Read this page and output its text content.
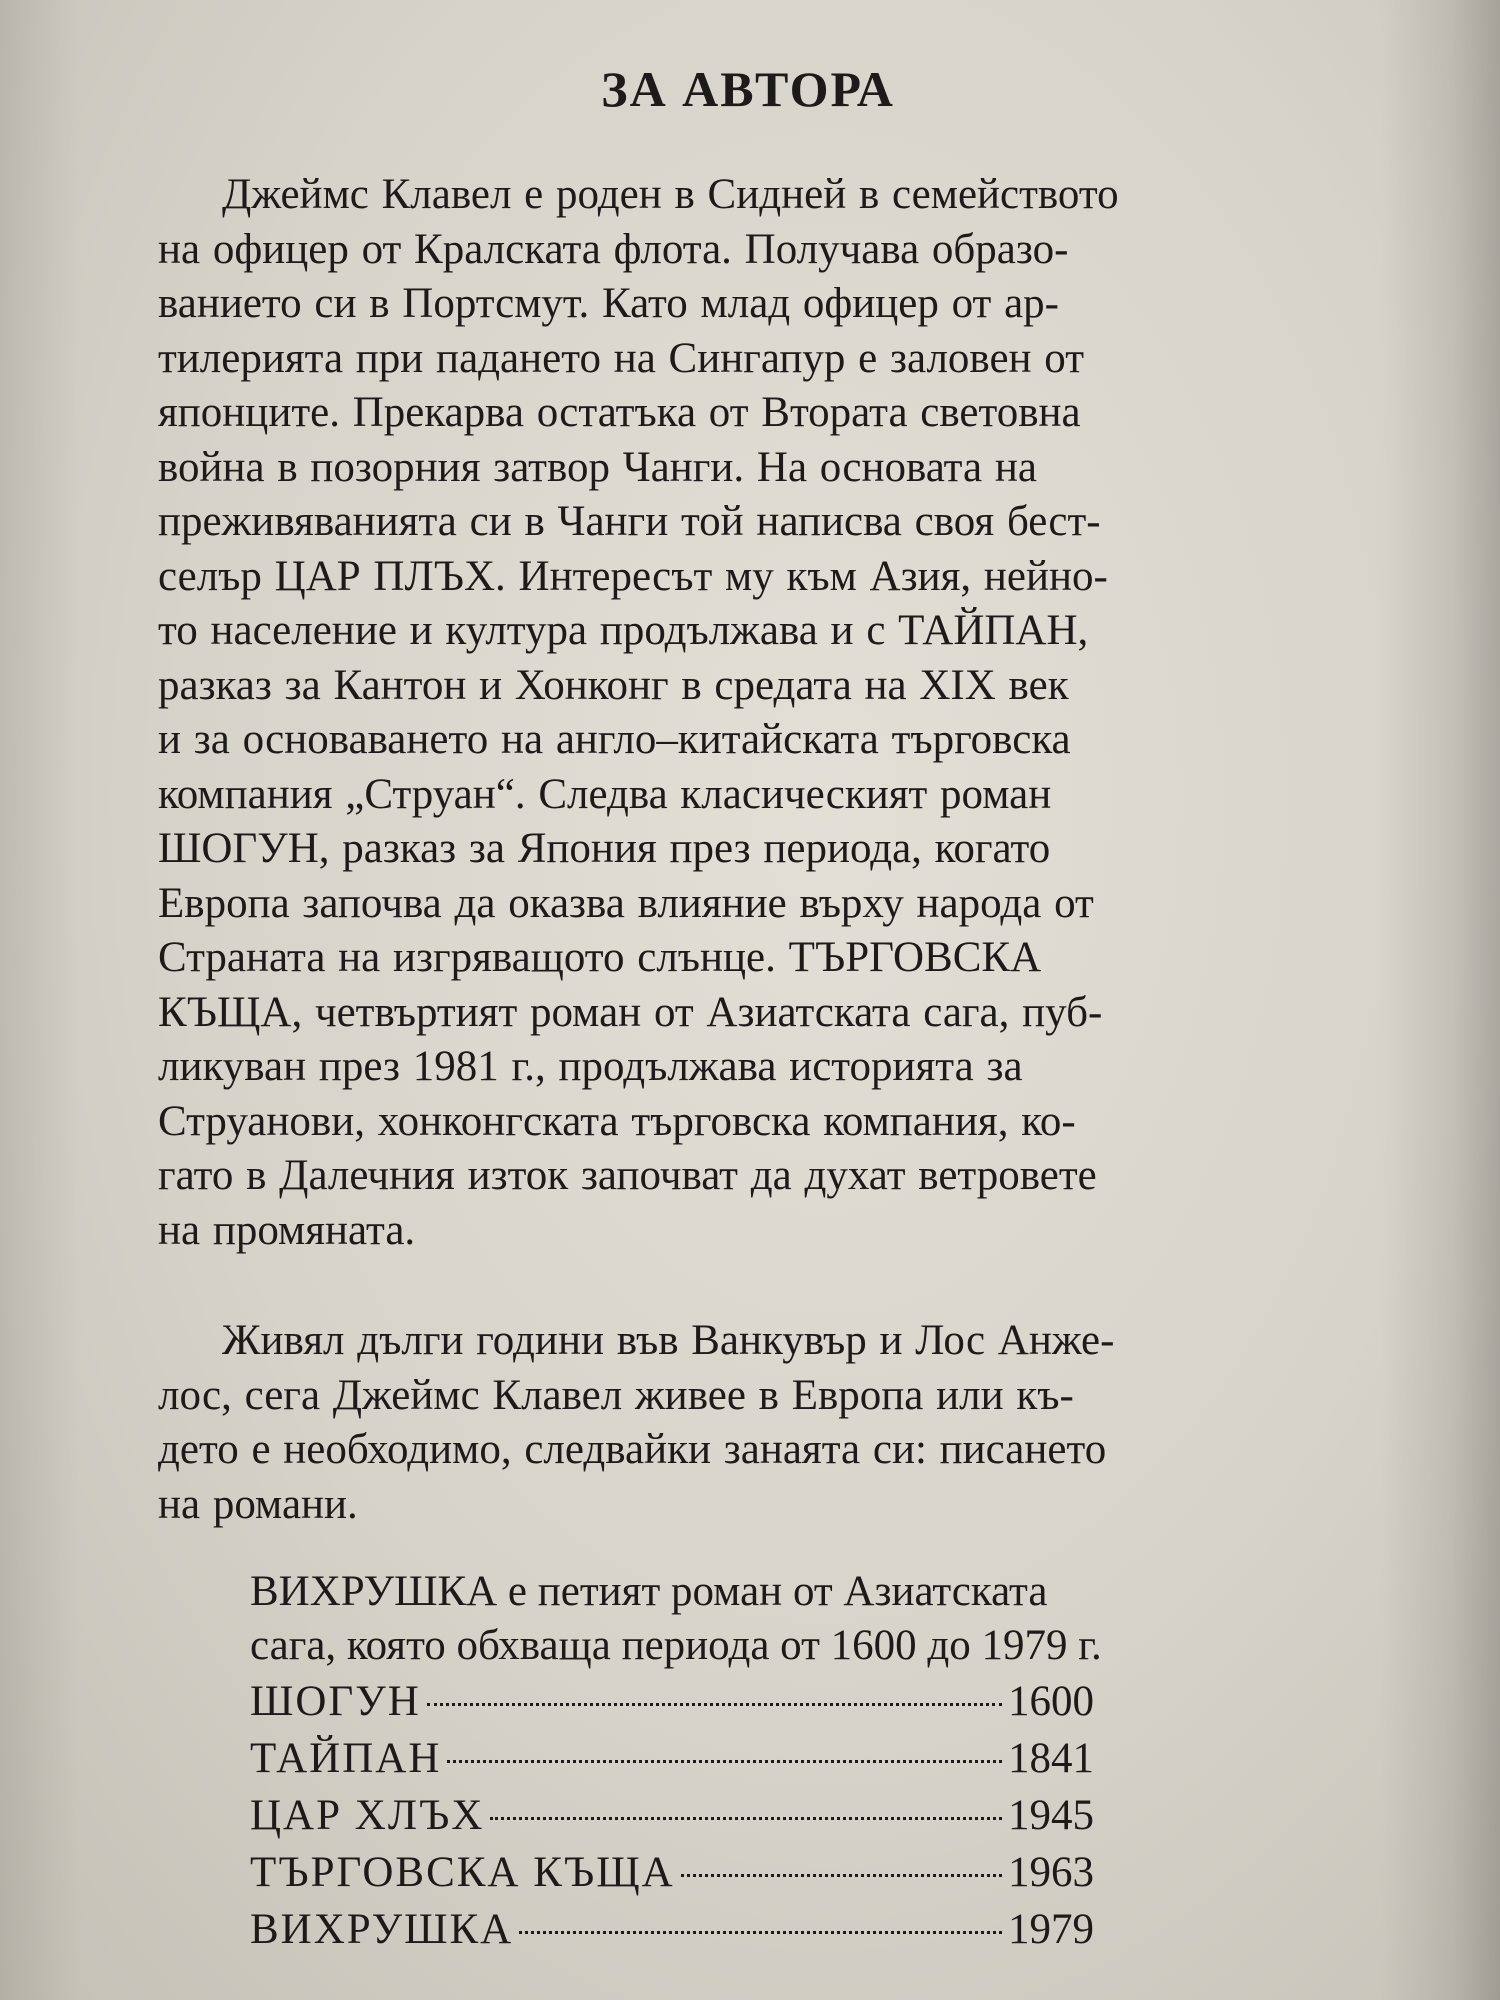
ЗА АВТОРА

Джеймс Клавел е роден в Сидней в семейството

на офицер от Кралската флота. Получава образо-

ванието си в Портсмут. Като млад офицер от ар-

тилерията при падането на Сингапур е заловен от

японците. Прекарва остатъка от Втората световна

война в позорния затвор Чанги. На основата на

преживяванията си в Чанги той написва своя бест-

селър ЦАР ПЛЪХ. Интересът му към Азия, нейно-

то население и култура продължава и с ТАЙПАН,

разказ за Кантон и Хонконг в средата на XIX век

и за основаването на англо–китайската търговска

компания „Струан“. Следва класическият роман

ШОГУН, разказ за Япония през периода, когато

Европа започва да оказва влияние върху народа от

Страната на изгряващото слънце. ТЪРГОВСКА

КЪЩА, четвъртият роман от Азиатската сага, пуб-

ликуван през 1981 г., продължава историята за

Струанови, хонконгската търговска компания, ко-

гато в Далечния изток започват да духат ветровете

на промяната.

Живял дълги години във Ванкувър и Лос Анже-

лос, сега Джеймс Клавел живее в Европа или къ-

дето е необходимо, следвайки занаята си: писането

на романи.

ВИХРУШКА е петият роман от Азиатската
сага, която обхваща периода от 1600 до 1979 г.
ШОГУН	1600
ТАЙПАН	1841
ЦАР ХЛЪХ	1945
ТЪРГОВСКА КЪЩА	1963
ВИХРУШКА	1979
